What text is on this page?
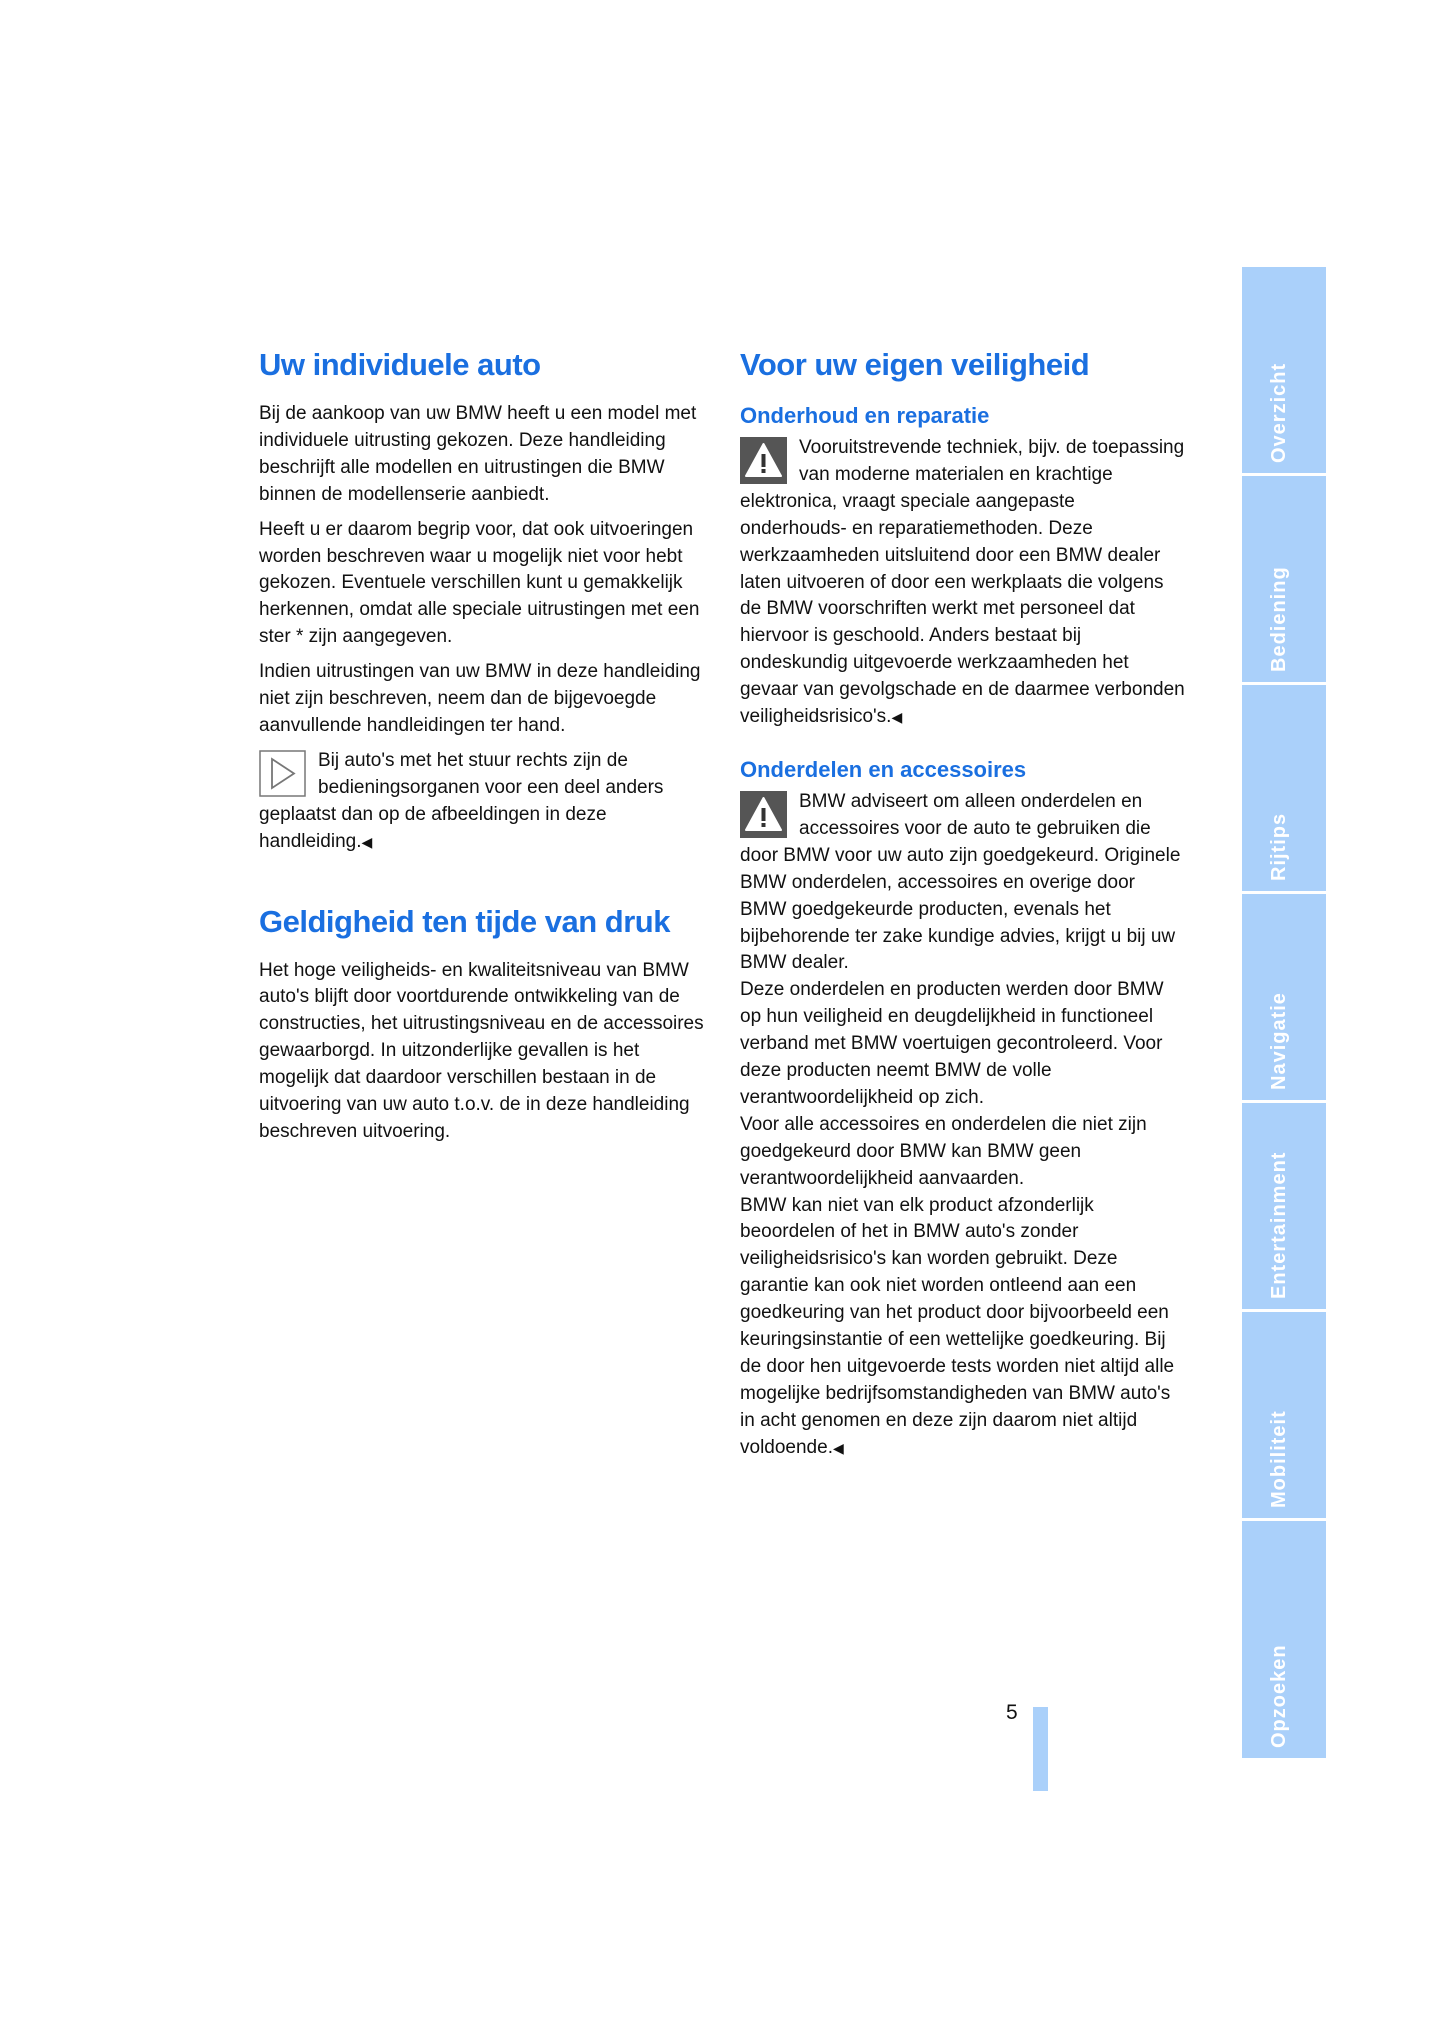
Uw individuele auto

Bij de aankoop van uw BMW heeft u een model met individuele uitrusting gekozen. Deze handleiding beschrijft alle modellen en uitrustingen die BMW binnen de modellenserie aanbiedt.

Heeft u er daarom begrip voor, dat ook uitvoeringen worden beschreven waar u mogelijk niet voor hebt gekozen. Eventuele verschillen kunt u gemakkelijk herkennen, omdat alle speciale uitrustingen met een ster * zijn aangegeven.

Indien uitrustingen van uw BMW in deze handleiding niet zijn beschreven, neem dan de bijgevoegde aanvullende handleidingen ter hand.

Bij auto's met het stuur rechts zijn de bedieningsorganen voor een deel anders geplaatst dan op de afbeeldingen in deze handleiding.◀
Geldigheid ten tijde van druk

Het hoge veiligheids- en kwaliteitsniveau van BMW auto's blijft door voortdurende ontwikkeling van de constructies, het uitrustingsniveau en de accessoires gewaarborgd. In uitzonderlijke gevallen is het mogelijk dat daardoor verschillen bestaan in de uitvoering van uw auto t.o.v. de in deze handleiding beschreven uitvoering.

Voor uw eigen veiligheid
Onderhoud en reparatie
Vooruitstrevende techniek, bijv. de toepassing van moderne materialen en krachtige elektronica, vraagt speciale aangepaste onderhouds- en reparatiemethoden. Deze werkzaamheden uitsluitend door een BMW dealer laten uitvoeren of door een werkplaats die volgens de BMW voorschriften werkt met personeel dat hiervoor is geschoold. Anders bestaat bij ondeskundig uitgevoerde werkzaamheden het gevaar van gevolgschade en de daarmee verbonden veiligheidsrisico's.◀
Onderdelen en accessoires
BMW adviseert om alleen onderdelen en accessoires voor de auto te gebruiken die door BMW voor uw auto zijn goedgekeurd. Originele BMW onderdelen, accessoires en overige door BMW goedgekeurde producten, evenals het bijbehorende ter zake kundige advies, krijgt u bij uw BMW dealer.

Deze onderdelen en producten werden door BMW op hun veiligheid en deugdelijkheid in functioneel verband met BMW voertuigen gecontroleerd. Voor deze producten neemt BMW de volle verantwoordelijkheid op zich.

Voor alle accessoires en onderdelen die niet zijn goedgekeurd door BMW kan BMW geen verantwoordelijkheid aanvaarden.

BMW kan niet van elk product afzonderlijk beoordelen of het in BMW auto's zonder veiligheidsrisico's kan worden gebruikt. Deze garantie kan ook niet worden ontleend aan een goedkeuring van het product door bijvoorbeeld een keuringsinstantie of een wettelijke goedkeuring. Bij de door hen uitgevoerde tests worden niet altijd alle mogelijke bedrijfsomstandigheden van BMW auto's in acht genomen en deze zijn daarom niet altijd voldoende.◀

5
Overzicht
Bediening
Rijtips
Navigatie
Entertainment
Mobiliteit
Opzoeken
